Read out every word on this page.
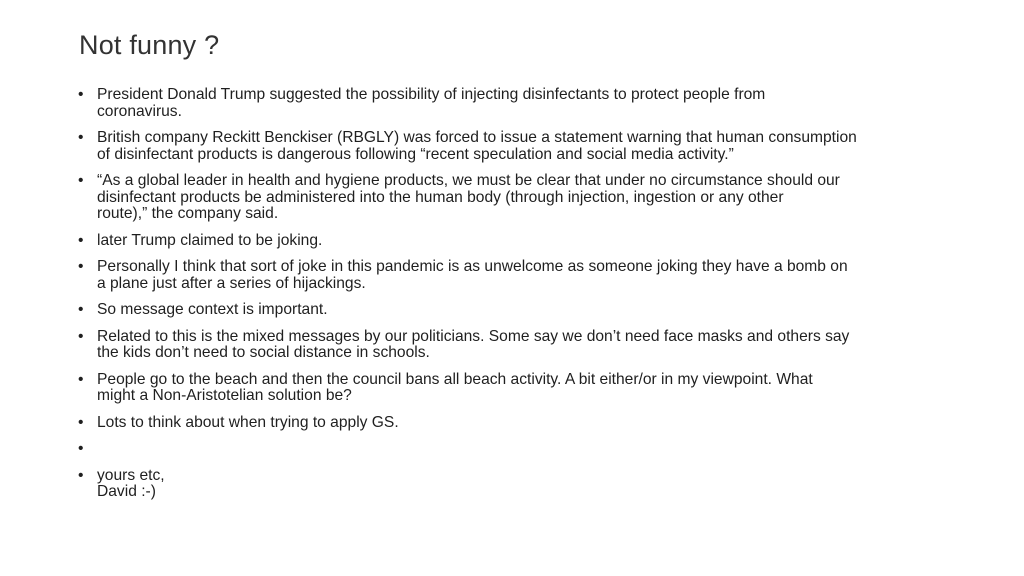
Not funny ?
• President Donald Trump suggested the possibility of injecting disinfectants to protect people from
coronavirus.
• British company Reckitt Benckiser (RBGLY) was forced to issue a statement warning that human consumption
of disinfectant products is dangerous following “recent speculation and social media activity.”
• “As a global leader in health and hygiene products, we must be clear that under no circumstance should our
disinfectant products be administered into the human body (through injection, ingestion or any other
route),” the company said.
• later Trump claimed to be joking.
• Personally I think that sort of joke in this pandemic is as unwelcome as someone joking they have a bomb on
a plane just after a series of hijackings.
• So message context is important.
• Related to this is the mixed messages by our politicians. Some say we don’t need face masks and others say
the kids don’t need to social distance in schools.
• People go to the beach and then the council bans all beach activity. A bit either/or in my viewpoint. What
might a Non-Aristotelian solution be?
• Lots to think about when trying to apply GS.
•
• yours etc,
David :-)
